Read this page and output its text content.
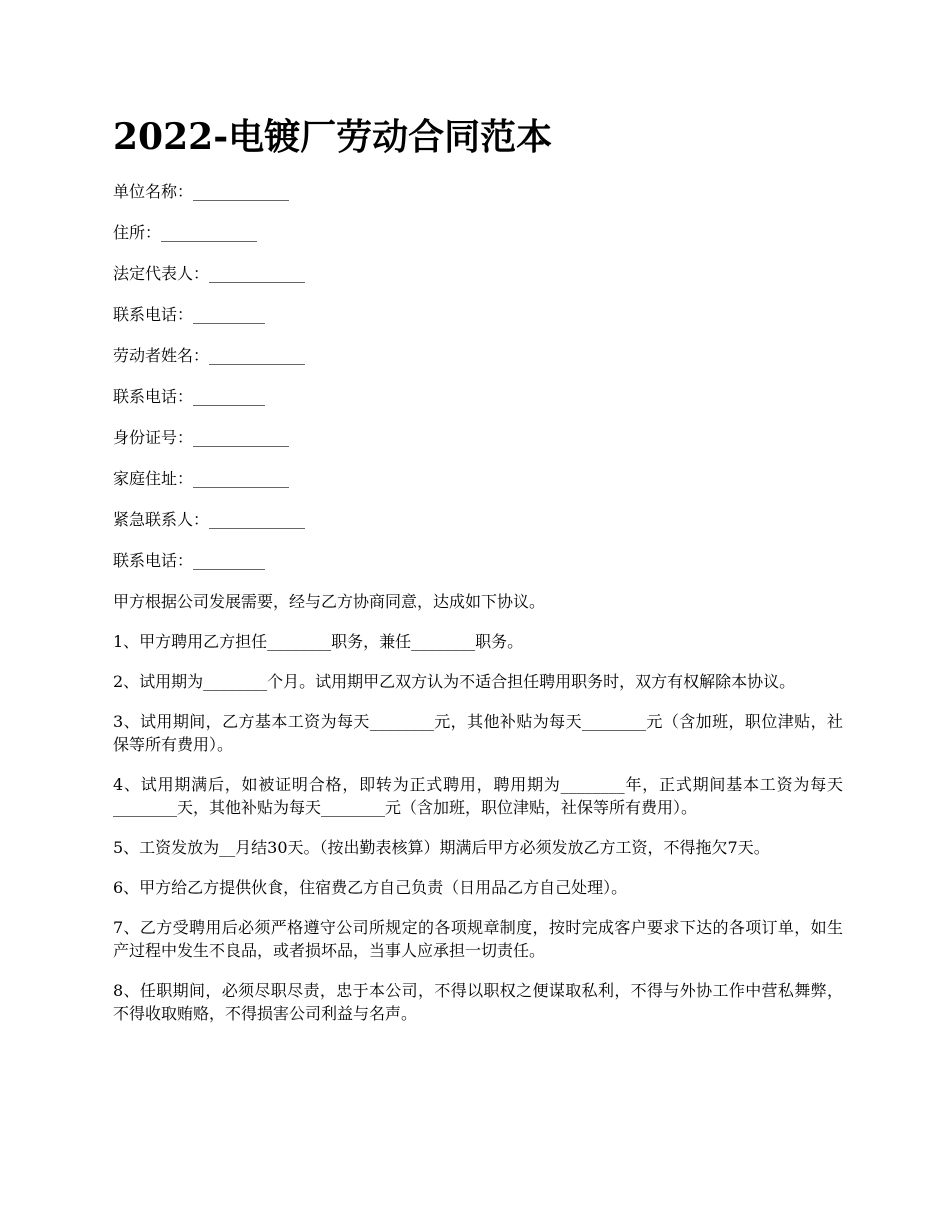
2022-电镀厂劳动合同范本
单位名称：____________
住所：____________
法定代表人：____________
联系电话：_________
劳动者姓名：____________
联系电话：_________
身份证号：____________
家庭住址：____________
紧急联系人：____________
联系电话：_________

甲方根据公司发展需要，经与乙方协商同意，达成如下协议。

1、甲方聘用乙方担任________职务，兼任________职务。

2、试用期为________个月。试用期甲乙双方认为不适合担任聘用职务时，双方有权解除本协议。

3、试用期间，乙方基本工资为每天________元，其他补贴为每天________元（含加班，职位津贴，社保等所有费用）。

4、试用期满后，如被证明合格，即转为正式聘用，聘用期为________年，正式期间基本工资为每天________天，其他补贴为每天________元（含加班，职位津贴，社保等所有费用）。

5、工资发放为__月结30天。（按出勤表核算）期满后甲方必须发放乙方工资，不得拖欠7天。

6、甲方给乙方提供伙食，住宿费乙方自己负责（日用品乙方自己处理）。

7、乙方受聘用后必须严格遵守公司所规定的各项规章制度，按时完成客户要求下达的各项订单，如生产过程中发生不良品，或者损坏品，当事人应承担一切责任。

8、任职期间，必须尽职尽责，忠于本公司，不得以职权之便谋取私利，不得与外协工作中营私舞弊，不得收取贿赂，不得损害公司利益与名声。
